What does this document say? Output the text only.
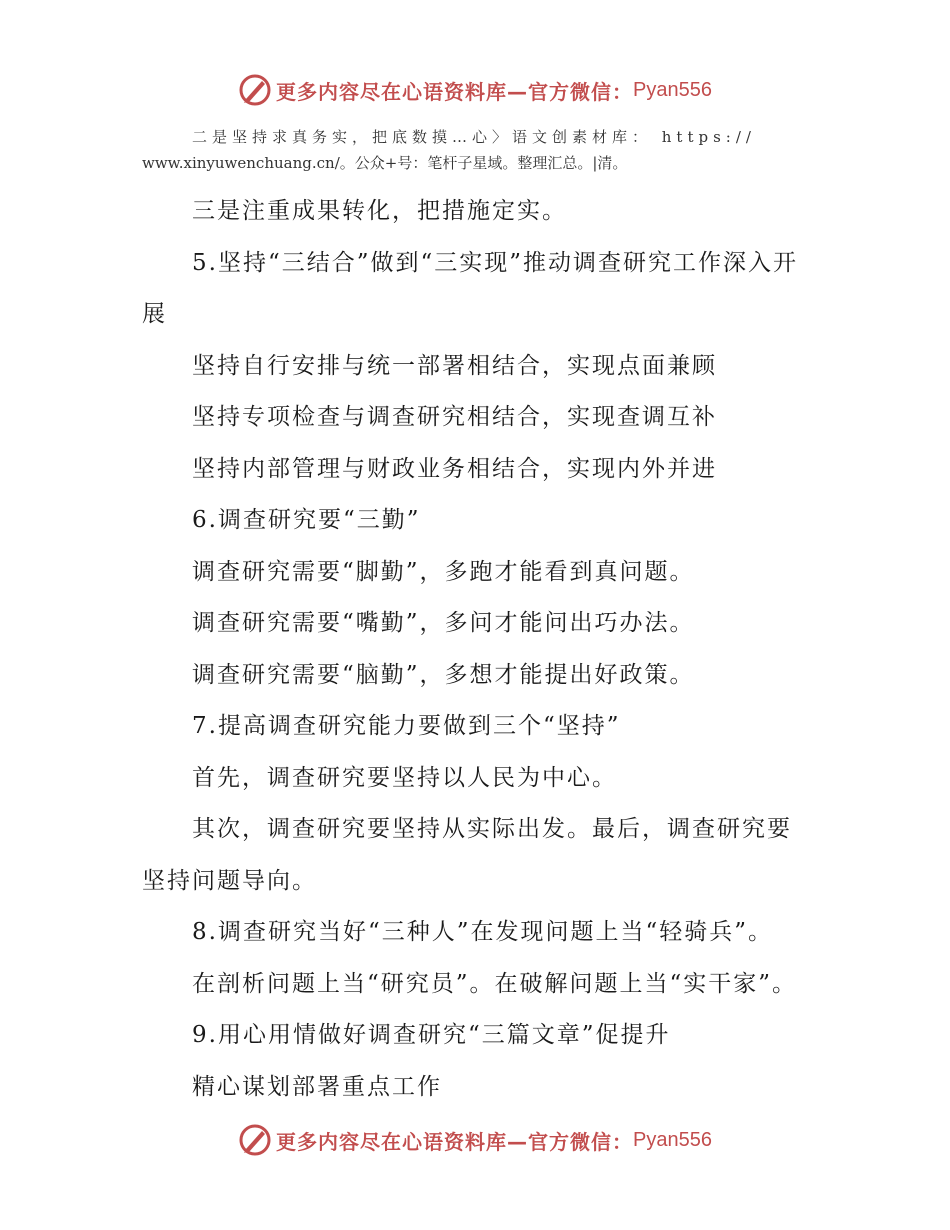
更多内容尽在心语资料库—官方微信： Pyan556
二是坚持求真务实，把底数摸…心〉语文创素材库： https://
www.xinyuwenchuang.cn/。公众+号：笔杆子星域。整理汇总。|清。

三是注重成果转化，把措施定实。

5.坚持“三结合”做到“三实现”推动调查研究工作深入开展

坚持自行安排与统一部署相结合，实现点面兼顾

坚持专项检查与调查研究相结合，实现查调互补

坚持内部管理与财政业务相结合，实现内外并进

6.调查研究要“三勤”

调查研究需要“脚勤”，多跑才能看到真问题。

调查研究需要“嘴勤”，多问才能问出巧办法。

调查研究需要“脑勤”，多想才能提出好政策。

7.提高调查研究能力要做到三个“坚持”

首先，调查研究要坚持以人民为中心。

其次，调查研究要坚持从实际出发。最后，调查研究要坚持问题导向。

8.调查研究当好“三种人”在发现问题上当“轻骑兵”。

在剖析问题上当“研究员”。在破解问题上当“实干家”。

9.用心用情做好调查研究“三篇文章”促提升

精心谋划部署重点工作

更多内容尽在心语资料库—官方微信： Pyan556
